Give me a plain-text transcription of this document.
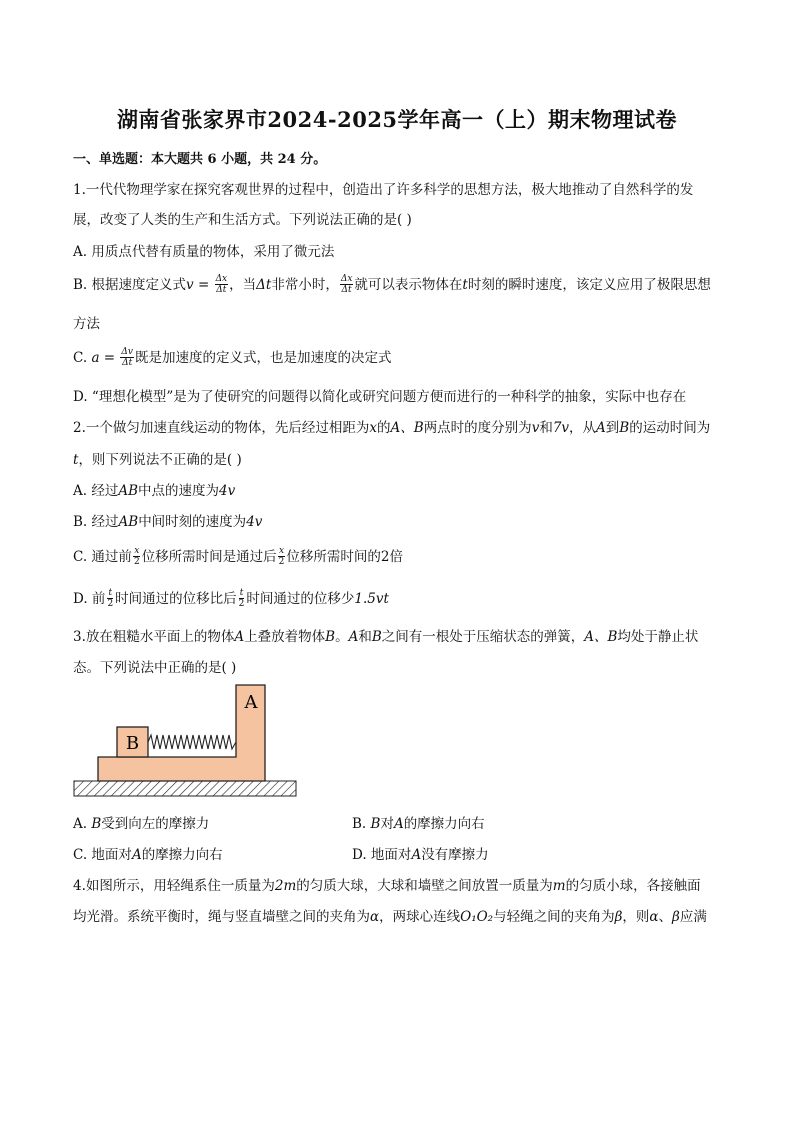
湖南省张家界市2024-2025学年高一（上）期末物理试卷
一、单选题：本大题共 6 小题，共 24 分。
1.一代代物理学家在探究客观世界的过程中，创造出了许多科学的思想方法，极大地推动了自然科学的发
展，改变了人类的生产和生活方式。下列说法正确的是( )
A. 用质点代替有质量的物体，采用了微元法
B. 根据速度定义式$v = \frac{\Delta x}{\Delta t}$ ，当Δt非常小时， $\frac{\Delta x}{\Delta t}$ 就可以表示物体在t时刻的瞬时速度，该定义应用了极限思想
方法
C. $a = \frac{\Delta v}{\Delta t}$ 既是加速度的定义式，也是加速度的决定式
D. “理想化模型”是为了使研究的问题得以简化或研究问题方便而进行的一种科学的抽象，实际中也存在
2.一个做匀加速直线运动的物体，先后经过相距为x的A、B两点时的度分别为v和7v，从A到B的运动时间为
t，则下列说法不正确的是( )
A. 经过AB中点的速度为4v
B. 经过AB中间时刻的速度为4v
C. 通过前 $\frac{x}{2}$ 位移所需时间是通过后 $\frac{x}{2}$ 位移所需时间的2倍
D. 前 $\frac{t}{2}$ 时间通过的位移比后 $\frac{t}{2}$ 时间通过的位移少1.5vt
3.放在粗糙水平面上的物体A上叠放着物体B。A和B之间有一根处于压缩状态的弹簧，A、B均处于静止状
态。下列说法中正确的是( )
A
B
A. B受到向左的摩擦力	B. B对A的摩擦力向右
C. 地面对A的摩擦力向右	D. 地面对A没有摩擦力
4.如图所示，用轻绳系住一质量为2m的匀质大球，大球和墙壁之间放置一质量为m的匀质小球，各接触面
均光滑。系统平衡时，绳与竖直墙壁之间的夹角为α，两球心连线O₁O₂与轻绳之间的夹角为β，则α、β应满
